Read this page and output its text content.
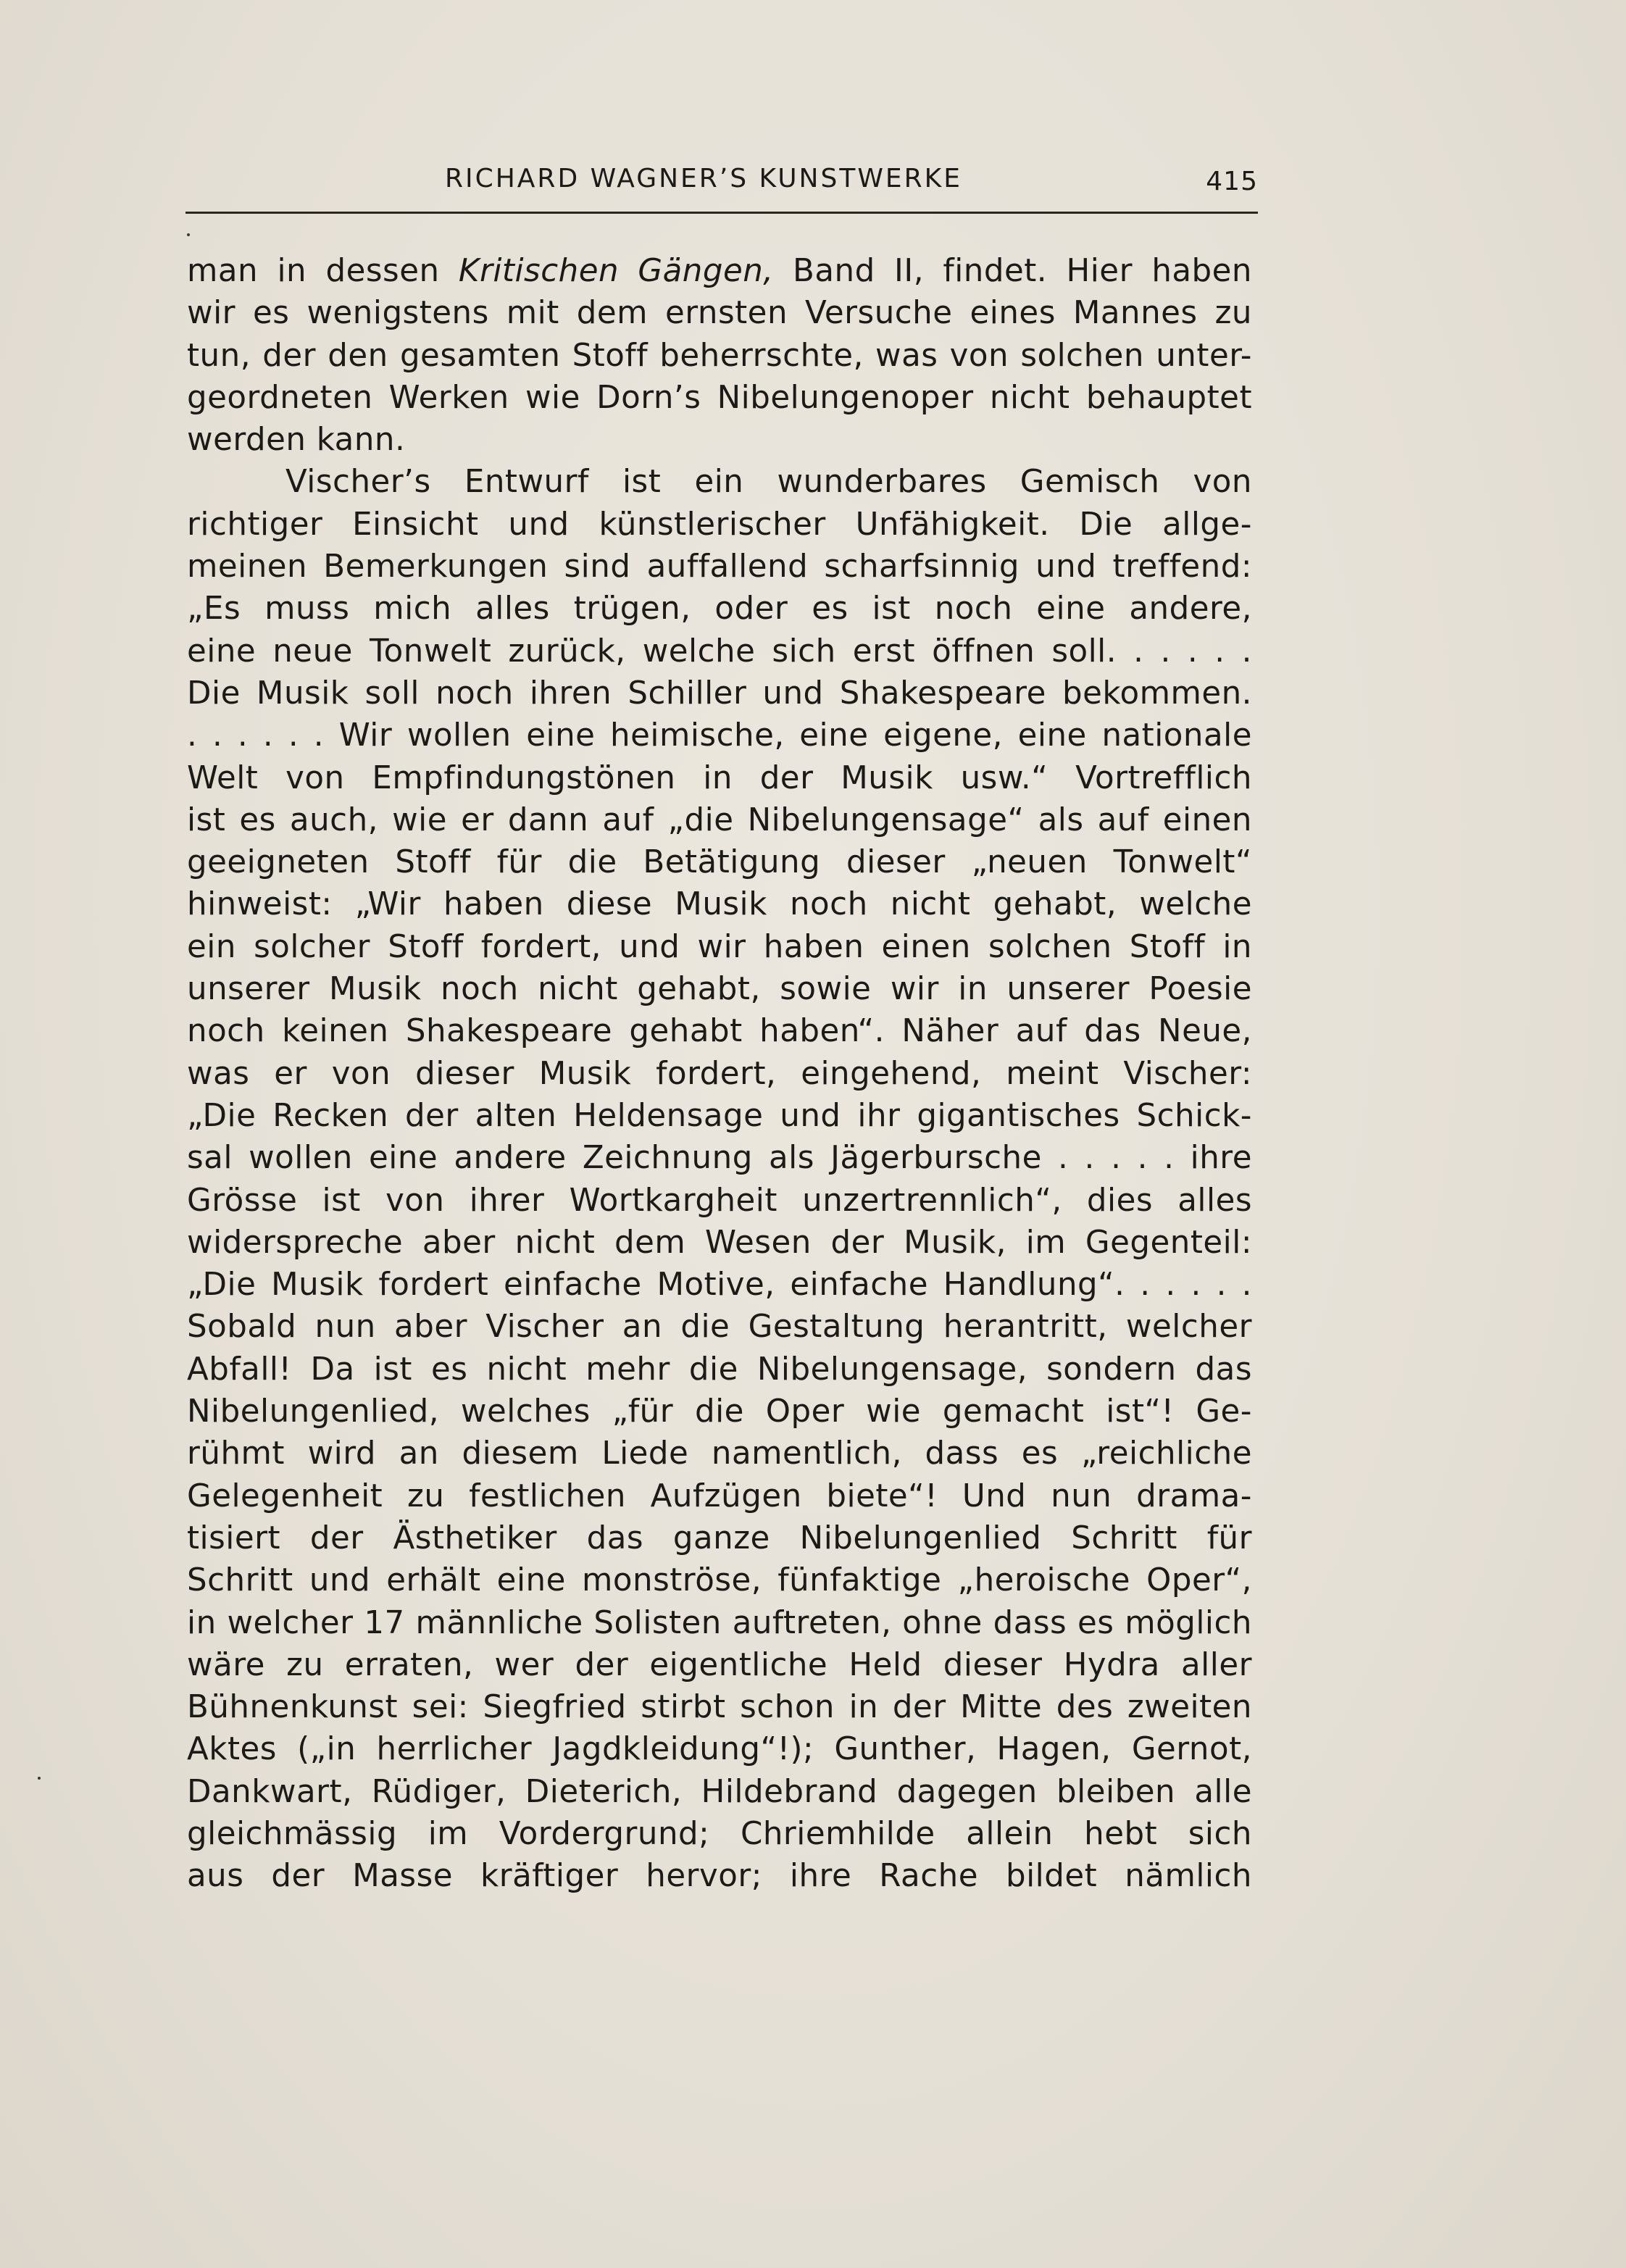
RICHARD WAGNER’S KUNSTWERKE	415
man in dessen Kritischen Gängen, Band II, findet. Hier haben
wir es wenigstens mit dem ernsten Versuche eines Mannes zu
tun, der den gesamten Stoff beherrschte, was von solchen unter-
geordneten Werken wie Dorn’s Nibelungenoper nicht behauptet
werden kann.
Vischer’s Entwurf ist ein wunderbares Gemisch von
richtiger Einsicht und künstlerischer Unfähigkeit. Die allge-
meinen Bemerkungen sind auffallend scharfsinnig und treffend:
„Es muss mich alles trügen, oder es ist noch eine andere,
eine neue Tonwelt zurück, welche sich erst öffnen soll. . . . . .
Die Musik soll noch ihren Schiller und Shakespeare bekommen.
. . . . . . Wir wollen eine heimische, eine eigene, eine nationale
Welt von Empfindungstönen in der Musik usw.“ Vortrefflich
ist es auch, wie er dann auf „die Nibelungensage“ als auf einen
geeigneten Stoff für die Betätigung dieser „neuen Tonwelt“
hinweist: „Wir haben diese Musik noch nicht gehabt, welche
ein solcher Stoff fordert, und wir haben einen solchen Stoff in
unserer Musik noch nicht gehabt, sowie wir in unserer Poesie
noch keinen Shakespeare gehabt haben“. Näher auf das Neue,
was er von dieser Musik fordert, eingehend, meint Vischer:
„Die Recken der alten Heldensage und ihr gigantisches Schick-
sal wollen eine andere Zeichnung als Jägerbursche . . . . . ihre
Grösse ist von ihrer Wortkargheit unzertrennlich“, dies alles
widerspreche aber nicht dem Wesen der Musik, im Gegenteil:
„Die Musik fordert einfache Motive, einfache Handlung“. . . . . .
Sobald nun aber Vischer an die Gestaltung herantritt, welcher
Abfall! Da ist es nicht mehr die Nibelungensage, sondern das
Nibelungenlied, welches „für die Oper wie gemacht ist“! Ge-
rühmt wird an diesem Liede namentlich, dass es „reichliche
Gelegenheit zu festlichen Aufzügen biete“! Und nun drama-
tisiert der Ästhetiker das ganze Nibelungenlied Schritt für
Schritt und erhält eine monströse, fünfaktige „heroische Oper“,
in welcher 17 männliche Solisten auftreten, ohne dass es möglich
wäre zu erraten, wer der eigentliche Held dieser Hydra aller
Bühnenkunst sei: Siegfried stirbt schon in der Mitte des zweiten
Aktes („in herrlicher Jagdkleidung“!); Gunther, Hagen, Gernot,
Dankwart, Rüdiger, Dieterich, Hildebrand dagegen bleiben alle
gleichmässig im Vordergrund; Chriemhilde allein hebt sich
aus der Masse kräftiger hervor; ihre Rache bildet nämlich
